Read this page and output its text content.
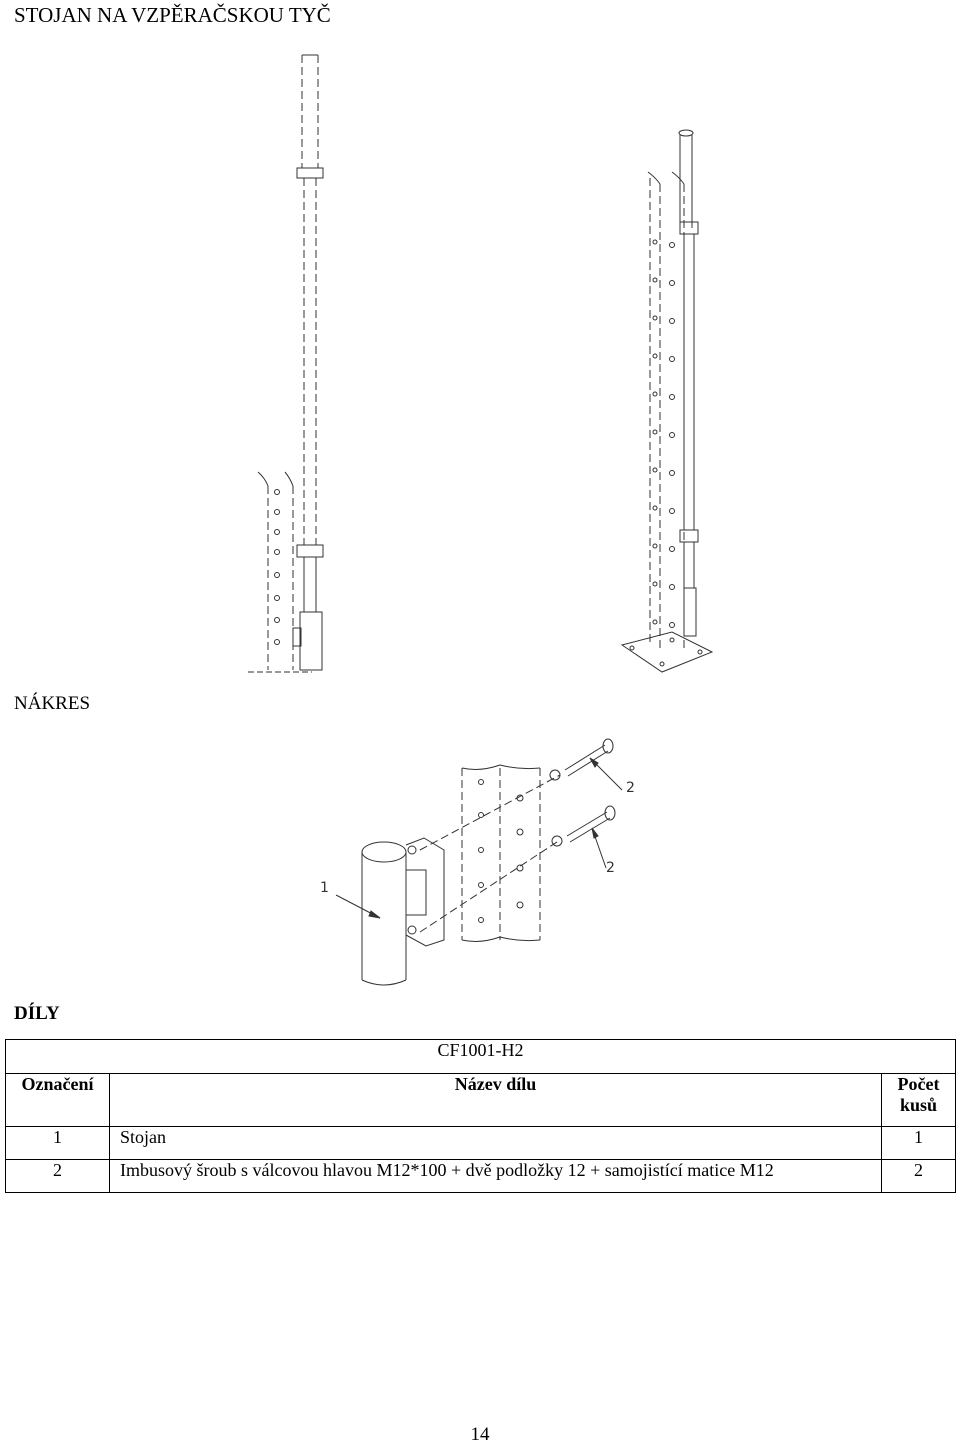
STOJAN NA VZPĚRAČSKOU TYČ
1
2
2
NÁKRES
DÍLY
CF1001-H2		
Označení	Název dílu	Počet
kusů
1	Stojan	1
2	Imbusový šroub s válcovou hlavou M12*100 + dvě podložky 12 + samojistící matice M12	2
14
